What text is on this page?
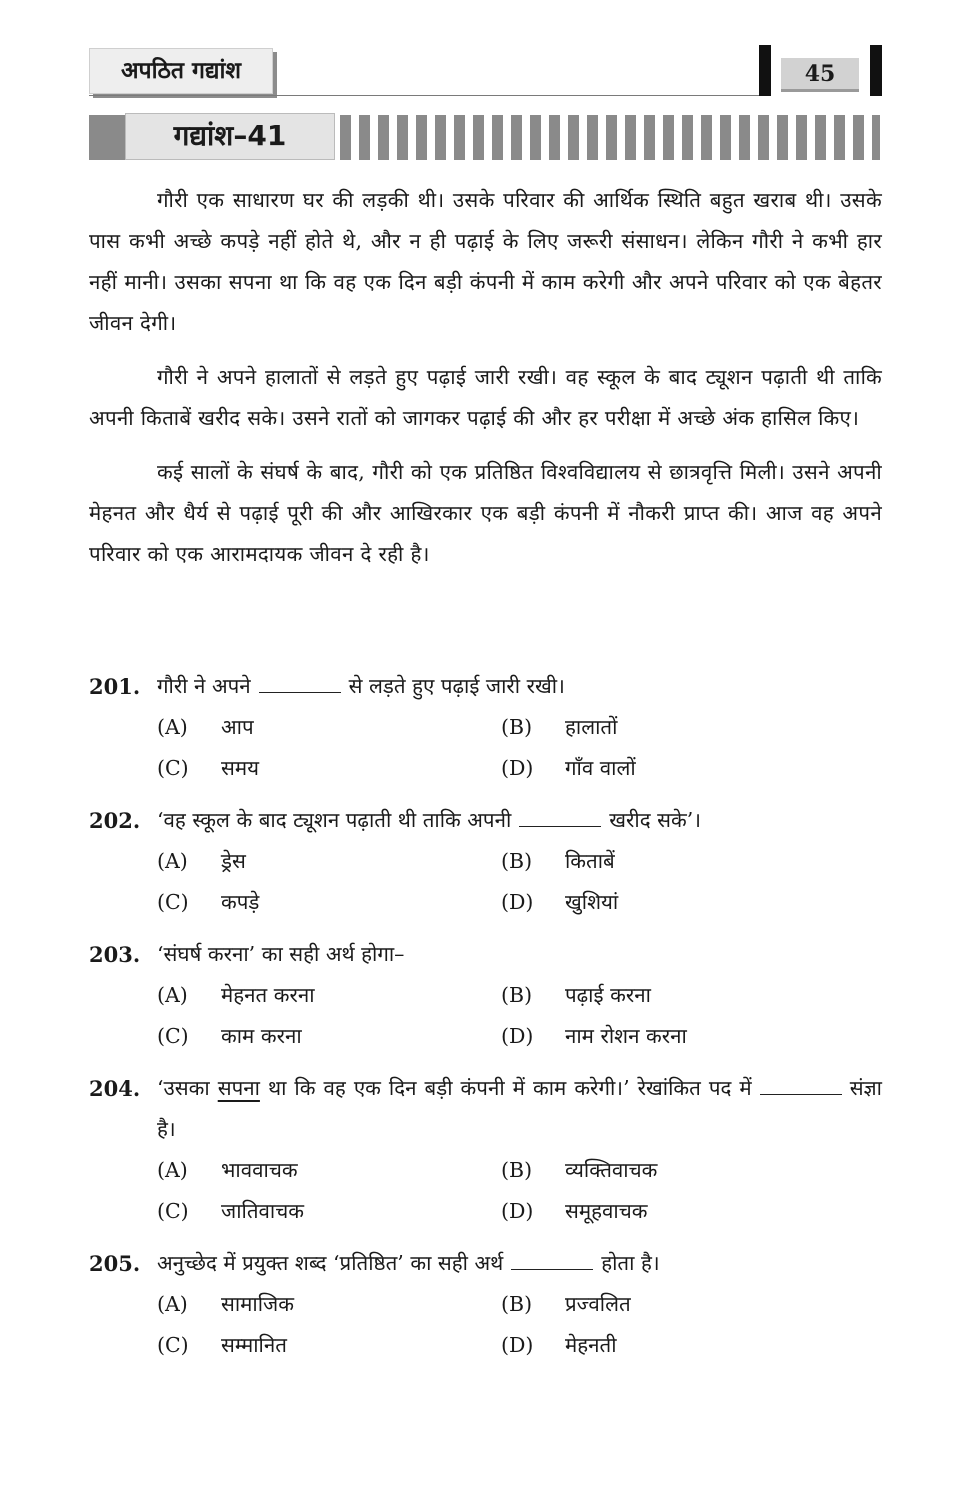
अपठित गद्यांश	45
गद्यांश–41

गौरी एक साधारण घर की लड़की थी। उसके परिवार की आर्थिक स्थिति बहुत खराब थी। उसके पास कभी अच्छे कपड़े नहीं होते थे, और न ही पढ़ाई के लिए जरूरी संसाधन। लेकिन गौरी ने कभी हार नहीं मानी। उसका सपना था कि वह एक दिन बड़ी कंपनी में काम करेगी और अपने परिवार को एक बेहतर जीवन देगी।

गौरी ने अपने हालातों से लड़ते हुए पढ़ाई जारी रखी। वह स्कूल के बाद ट्यूशन पढ़ाती थी ताकि अपनी किताबें खरीद सके। उसने रातों को जागकर पढ़ाई की और हर परीक्षा में अच्छे अंक हासिल किए।

कई सालों के संघर्ष के बाद, गौरी को एक प्रतिष्ठित विश्वविद्यालय से छात्रवृत्ति मिली। उसने अपनी मेहनत और धैर्य से पढ़ाई पूरी की और आखिरकार एक बड़ी कंपनी में नौकरी प्राप्त की। आज वह अपने परिवार को एक आरामदायक जीवन दे रही है।

201. गौरी ने अपने	से लड़ते हुए पढ़ाई जारी रखी।
(A)	आप	(B)	हालातों
(C)	समय	(D)	गाँव वालों
202. ‘वह स्कूल के बाद ट्यूशन पढ़ाती थी ताकि अपनी	खरीद सके’।
(A)	ड्रेस	(B)	किताबें
(C)	कपड़े	(D)	खुशियां
203. ‘संघर्ष करना’ का सही अर्थ होगा–
(A)	मेहनत करना	(B)	पढ़ाई करना
(C)	काम करना	(D)	नाम रोशन करना
204. ‘उसका सपना था कि वह एक दिन बड़ी कंपनी में काम करेगी।’ रेखांकित पद में	संज्ञा है।
(A)	भाववाचक	(B)	व्यक्तिवाचक
(C)	जातिवाचक	(D)	समूहवाचक
205. अनुच्छेद में प्रयुक्त शब्द ‘प्रतिष्ठित’ का सही अर्थ	होता है।
(A)	सामाजिक	(B)	प्रज्वलित
(C)	सम्मानित	(D)	मेहनती
